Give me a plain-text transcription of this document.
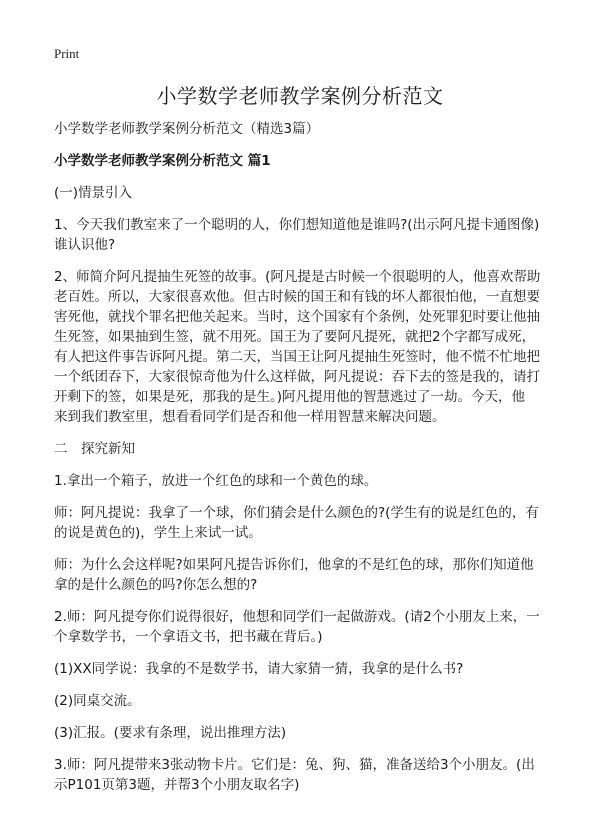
Print
小学数学老师教学案例分析范文

小学数学老师教学案例分析范文（精选3篇）

小学数学老师教学案例分析范文 篇1

(一)情景引入

1、今天我们教室来了一个聪明的人，你们想知道他是谁吗?(出示阿凡提卡通图像)
谁认识他?

2、师简介阿凡提抽生死签的故事。(阿凡提是古时候一个很聪明的人，他喜欢帮助
老百姓。所以，大家很喜欢他。但古时候的国王和有钱的坏人都很怕他，一直想要
害死他，就找个罪名把他关起来。当时，这个国家有个条例，处死罪犯时要让他抽
生死签，如果抽到生签，就不用死。国王为了要阿凡提死，就把2个字都写成死，
有人把这件事告诉阿凡提。第二天，当国王让阿凡提抽生死签时，他不慌不忙地把
一个纸团吞下，大家很惊奇他为什么这样做，阿凡提说：吞下去的签是我的，请打
开剩下的签，如果是死，那我的是生。)阿凡提用他的智慧逃过了一劫。今天，他
来到我们教室里，想看看同学们是否和他一样用智慧来解决问题。

二　探究新知

1.拿出一个箱子，放进一个红色的球和一个黄色的球。

师：阿凡提说：我拿了一个球，你们猜会是什么颜色的?(学生有的说是红色的，有
的说是黄色的)，学生上来试一试。

师：为什么会这样呢?如果阿凡提告诉你们，他拿的不是红色的球，那你们知道他
拿的是什么颜色的吗?你怎么想的?

2.师：阿凡提夸你们说得很好，他想和同学们一起做游戏。(请2个小朋友上来，一
个拿数学书，一个拿语文书，把书藏在背后。)

(1)XX同学说：我拿的不是数学书，请大家猜一猜，我拿的是什么书?

(2)同桌交流。

(3)汇报。(要求有条理，说出推理方法)

3.师：阿凡提带来3张动物卡片。它们是：兔、狗、猫，准备送给3个小朋友。(出
示P101页第3题，并帮3个小朋友取名字)
